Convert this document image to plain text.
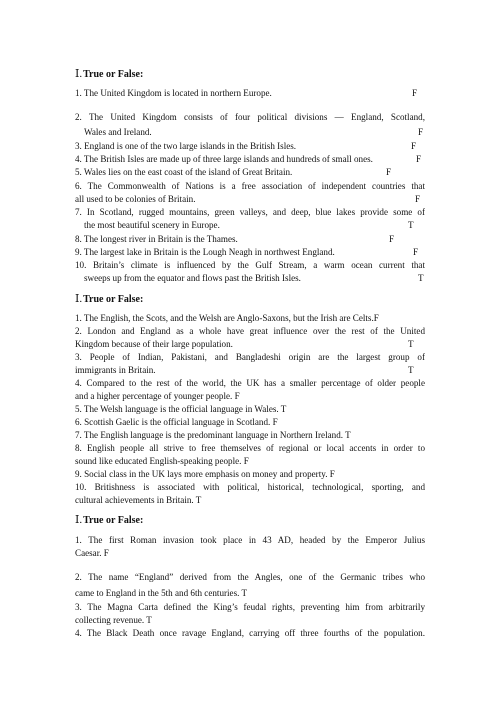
Ⅰ.True or False:
1. The United Kingdom is located in northern Europe.	F
2. The United Kingdom consists of four political divisions — England, Scotland,
Wales and Ireland.	F
3. England is one of the two large islands in the British Isles.	F
4. The British Isles are made up of three large islands and hundreds of small ones.	F
5. Wales lies on the east coast of the island of Great Britain.	F
6. The Commonwealth of Nations is a free association of independent countries that
all used to be colonies of Britain.	F
7. In Scotland, rugged mountains, green valleys, and deep, blue lakes provide some of
the most beautiful scenery in Europe.	T
8. The longest river in Britain is the Thames.	F
9. The largest lake in Britain is the Lough Neagh in northwest England.	F
10. Britain’s climate is influenced by the Gulf Stream, a warm ocean current that
sweeps up from the equator and flows past the British Isles.	T
Ⅰ.True or False:
1. The English, the Scots, and the Welsh are Anglo-Saxons, but the Irish are Celts.F
2. London and England as a whole have great influence over the rest of the United
Kingdom because of their large population.	T
3. People of Indian, Pakistani, and Bangladeshi origin are the largest group of
immigrants in Britain.	T
4. Compared to the rest of the world, the UK has a smaller percentage of older people
and a higher percentage of younger people. F
5. The Welsh language is the official language in Wales. T
6. Scottish Gaelic is the official language in Scotland. F
7. The English language is the predominant language in Northern Ireland. T
8. English people all strive to free themselves of regional or local accents in order to
sound like educated English-speaking people. F
9. Social class in the UK lays more emphasis on money and property. F
10. Britishness is associated with political, historical, technological, sporting, and
cultural achievements in Britain. T
Ⅰ.True or False:
1. The first Roman invasion took place in 43 AD, headed by the Emperor Julius
Caesar. F
2. The name “England” derived from the Angles, one of the Germanic tribes who
came to England in the 5th and 6th centuries. T
3. The Magna Carta defined the King’s feudal rights, preventing him from arbitrarily
collecting revenue. T
4. The Black Death once ravage England, carrying off three fourths of the population.
